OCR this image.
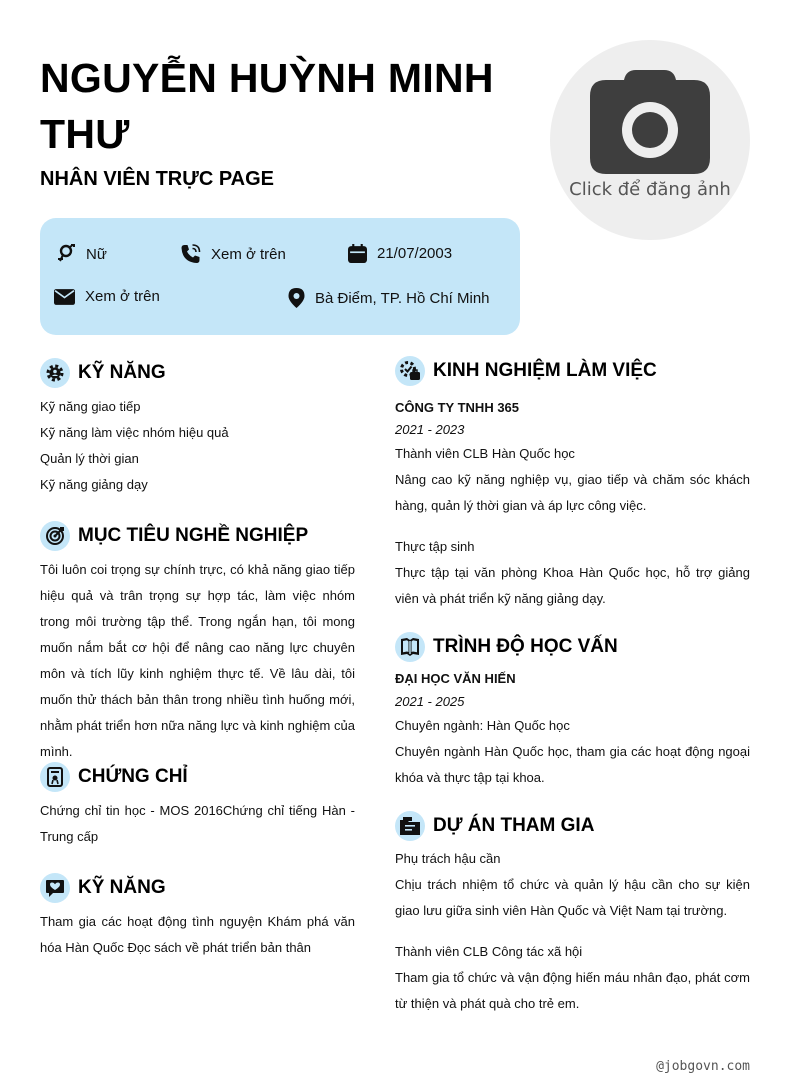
NGUYỄN HUỲNH MINH THƯ
NHÂN VIÊN TRỰC PAGE	Click để đăng ảnh
Nữ	Xem ở trên	21/07/2003
Xem ở trên	Bà Điểm, TP. Hồ Chí Minh
KỸ NĂNG
Kỹ năng giao tiếp
Kỹ năng làm việc nhóm hiệu quả
Quản lý thời gian
Kỹ năng giảng dạy
MỤC TIÊU NGHỀ NGHIỆP
Tôi luôn coi trọng sự chính trực, có khả năng giao tiếp hiệu quả và trân trọng sự hợp tác, làm việc nhóm trong môi trường tập thể. Trong ngắn hạn, tôi mong muốn nắm bắt cơ hội để nâng cao năng lực chuyên môn và tích lũy kinh nghiệm thực tế. Về lâu dài, tôi muốn thử thách bản thân trong nhiều tình huống mới, nhằm phát triển hơn nữa năng lực và kinh nghiệm của mình.
CHỨNG CHỈ
Chứng chỉ tin học - MOS 2016Chứng chỉ tiếng Hàn - Trung cấp
KỸ NĂNG
Tham gia các hoạt động tình nguyện Khám phá văn hóa Hàn Quốc Đọc sách về phát triển bản thân
KINH NGHIỆM LÀM VIỆC
CÔNG TY TNHH 365
2021 - 2023
Thành viên CLB Hàn Quốc học
Nâng cao kỹ năng nghiệp vụ, giao tiếp và chăm sóc khách hàng, quản lý thời gian và áp lực công việc.
Thực tập sinh
Thực tập tại văn phòng Khoa Hàn Quốc học, hỗ trợ giảng viên và phát triển kỹ năng giảng dạy.
TRÌNH ĐỘ HỌC VẤN
ĐẠI HỌC VĂN HIẾN
2021 - 2025
Chuyên ngành: Hàn Quốc học
Chuyên ngành Hàn Quốc học, tham gia các hoạt động ngoại khóa và thực tập tại khoa.
DỰ ÁN THAM GIA
Phụ trách hậu cần
Chịu trách nhiệm tổ chức và quản lý hậu cần cho sự kiện giao lưu giữa sinh viên Hàn Quốc và Việt Nam tại trường.
Thành viên CLB Công tác xã hội
Tham gia tổ chức và vận động hiến máu nhân đạo, phát cơm từ thiện và phát quà cho trẻ em.
@jobgovn.com
